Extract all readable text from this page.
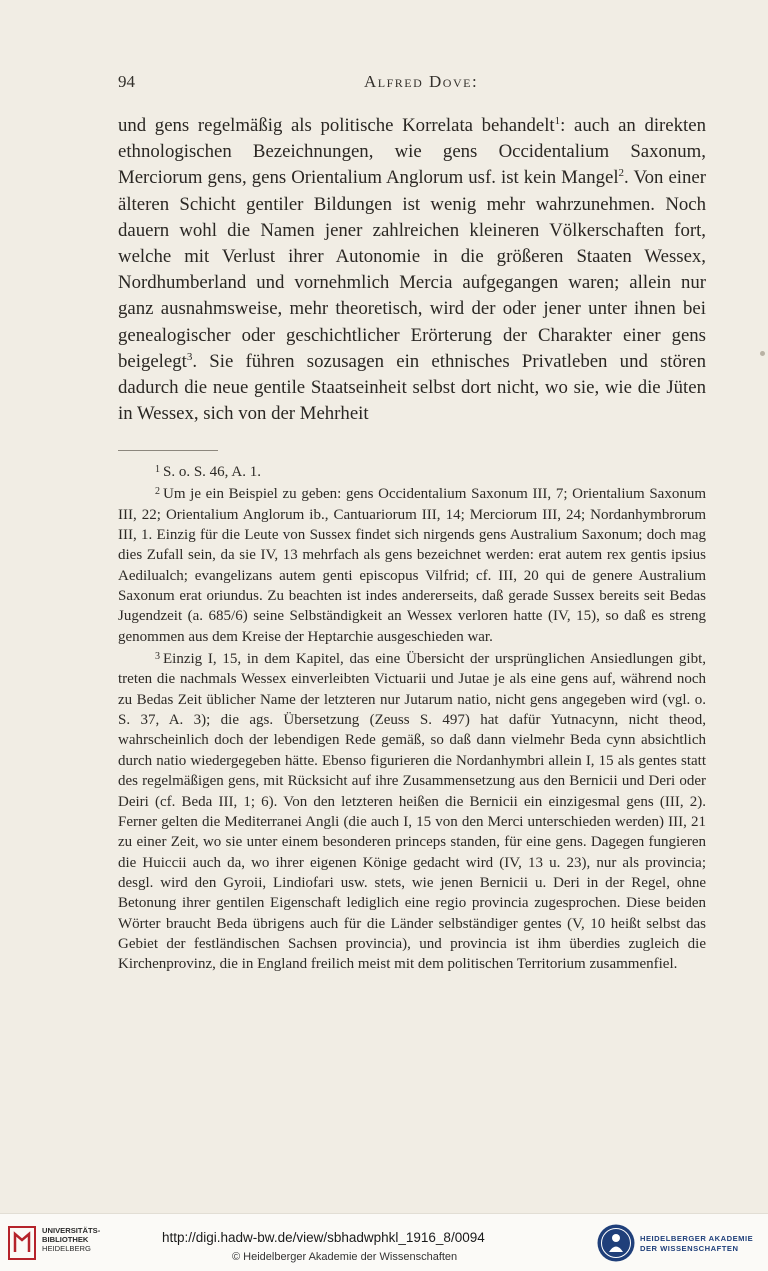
94	Alfred Dove:

und gens regelmäßig als politische Korrelata behandelt$^1$: auch an direkten ethnologischen Bezeichnungen, wie gens Occidentalium Saxonum, Merciorum gens, gens Orientalium Anglorum usf. ist kein Mangel$^2$. Von einer älteren Schicht gentiler Bildungen ist wenig mehr wahrzunehmen. Noch dauern wohl die Namen jener zahlreichen kleineren Völkerschaften fort, welche mit Verlust ihrer Autonomie in die größeren Staaten Wessex, Nordhumberland und vornehmlich Mercia aufgegangen waren; allein nur ganz ausnahmsweise, mehr theoretisch, wird der oder jener unter ihnen bei genealogischer oder geschichtlicher Erörterung der Charakter einer gens beigelegt$^3$. Sie führen sozusagen ein ethnisches Privatleben und stören dadurch die neue gentile Staatseinheit selbst dort nicht, wo sie, wie die Jüten in Wessex, sich von der Mehrheit

$^1$ S. o. S. 46, A. 1.

$^2$ Um je ein Beispiel zu geben: gens Occidentalium Saxonum III, 7; Orientalium Saxonum III, 22; Orientalium Anglorum ib., Cantuariorum III, 14; Merciorum III, 24; Nordanhymbrorum III, 1. Einzig für die Leute von Sussex findet sich nirgends gens Australium Saxonum; doch mag dies Zufall sein, da sie IV, 13 mehrfach als gens bezeichnet werden: erat autem rex gentis ipsius Aedilualch; evangelizans autem genti episcopus Vilfrid; cf. III, 20 qui de genere Australium Saxonum erat oriundus. Zu beachten ist indes andererseits, daß gerade Sussex bereits seit Bedas Jugendzeit (a. 685/6) seine Selbständigkeit an Wessex verloren hatte (IV, 15), so daß es streng genommen aus dem Kreise der Heptarchie ausgeschieden war.

$^3$ Einzig I, 15, in dem Kapitel, das eine Übersicht der ursprünglichen Ansiedlungen gibt, treten die nachmals Wessex einverleibten Victuarii und Jutae je als eine gens auf, während noch zu Bedas Zeit üblicher Name der letzteren nur Jutarum natio, nicht gens angegeben wird (vgl. o. S. 37, A. 3); die ags. Übersetzung (Zeuss S. 497) hat dafür Yutnacynn, nicht theod, wahrscheinlich doch der lebendigen Rede gemäß, so daß dann vielmehr Beda cynn absichtlich durch natio wiedergegeben hätte. Ebenso figurieren die Nordanhymbri allein I, 15 als gentes statt des regelmäßigen gens, mit Rücksicht auf ihre Zusammensetzung aus den Bernicii und Deri oder Deiri (cf. Beda III, 1; 6). Von den letzteren heißen die Bernicii ein einzigesmal gens (III, 2). Ferner gelten die Mediterranei Angli (die auch I, 15 von den Merci unterschieden werden) III, 21 zu einer Zeit, wo sie unter einem besonderen princeps standen, für eine gens. Dagegen fungieren die Huiccii auch da, wo ihrer eigenen Könige gedacht wird (IV, 13 u. 23), nur als provincia; desgl. wird den Gyroii, Lindiofari usw. stets, wie jenen Bernicii u. Deri in der Regel, ohne Betonung ihrer gentilen Eigenschaft lediglich eine regio provincia zugesprochen. Diese beiden Wörter braucht Beda übrigens auch für die Länder selbständiger gentes (V, 10 heißt selbst das Gebiet der festländischen Sachsen provincia), und provincia ist ihm überdies zugleich die Kirchenprovinz, die in England freilich meist mit dem politischen Territorium zusammenfiel.

UNIVERSITÄTS-
BIBLIOTHEK
HEIDELBERG
http://digi.hadw-bw.de/view/sbhadwphkl_1916_8/0094
© Heidelberger Akademie der Wissenschaften
HEIDELBERGER AKADEMIE
DER WISSENSCHAFTEN
